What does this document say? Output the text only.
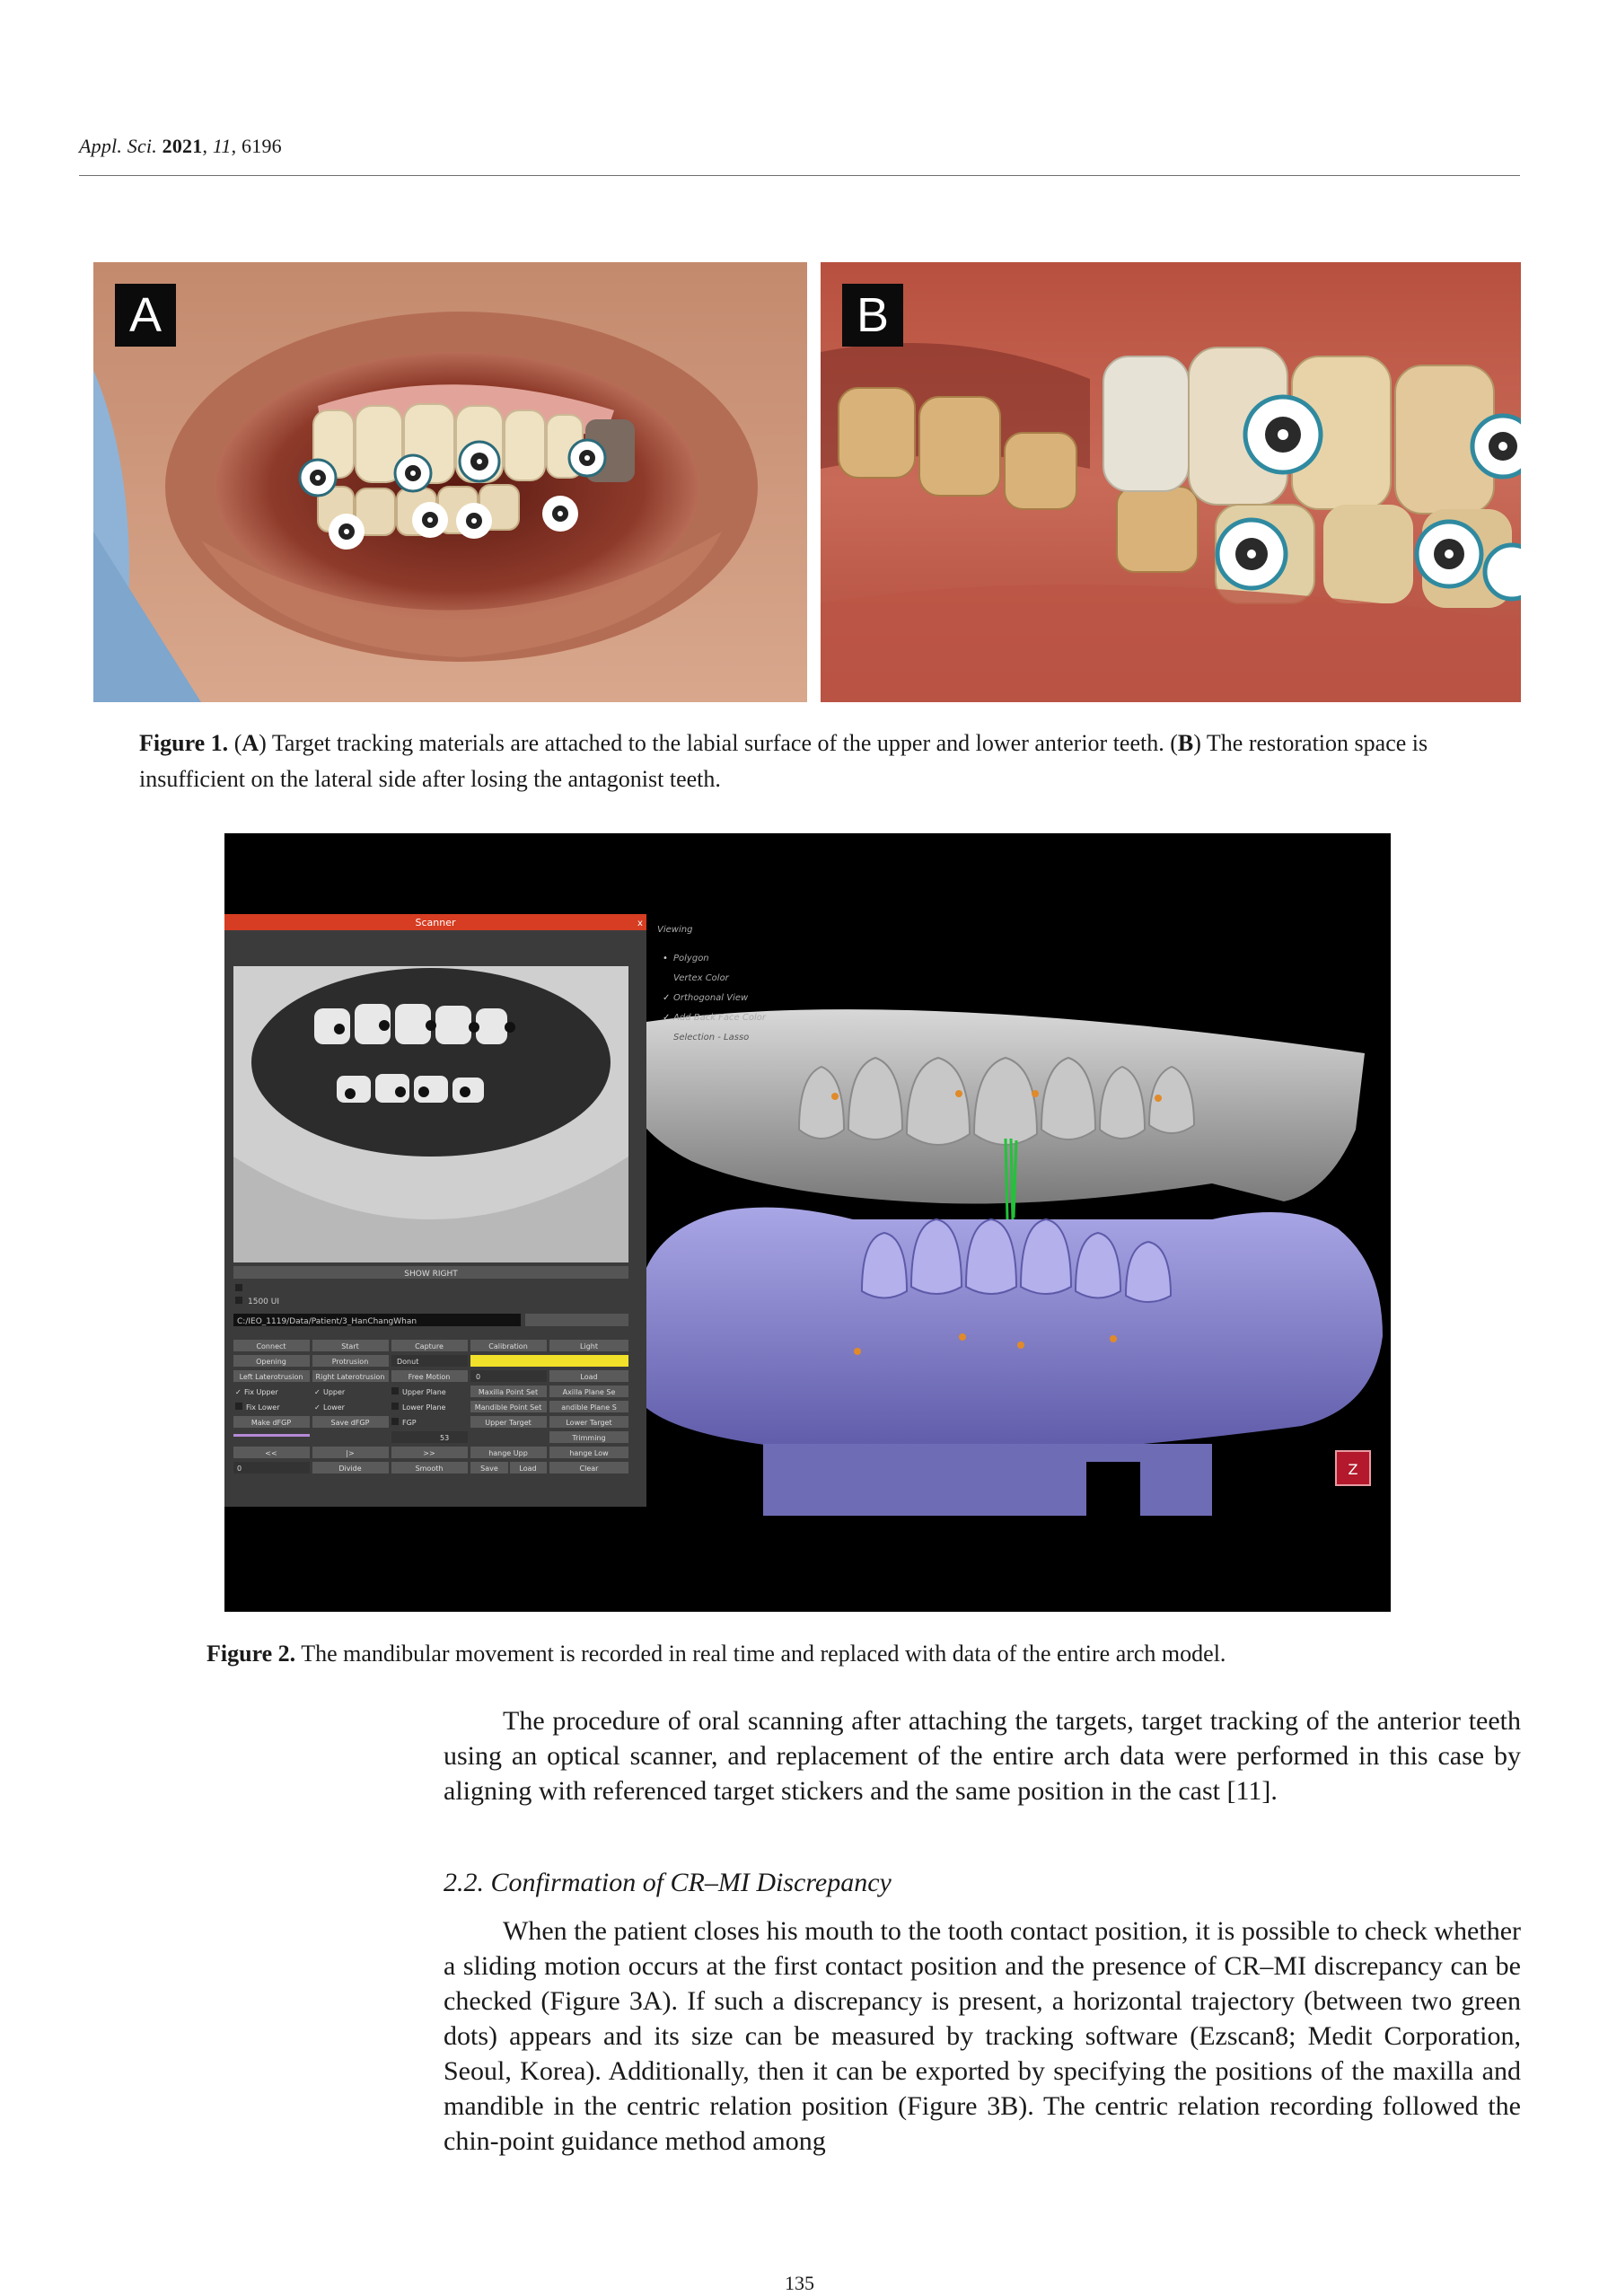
Appl. Sci. 2021, 11, 6196
A	B
Figure 1. (A) Target tracking materials are attached to the labial surface of the upper and lower anterior teeth. (B) The restoration space is insufficient on the lateral side after losing the antagonist teeth.
Z
Viewing
Polygon
Vertex Color
Orthogonal View
Add Back Face Color
Selection - Lasso
•
✓
✓
Scanner	x
SHOW RIGHT
1500 UI
C:/IEO_1119/Data/Patient/3_HanChangWhan
Connect	Start	Capture	Calibration	Light
Opening	Protrusion	Donut
Left Laterotrusion Right Laterotrusion	Free Motion	0	Load
✓ Fix Upper	✓ Upper	Upper Plane	Maxilla Point Set	Axilla Plane Se
Fix Lower	✓ Lower	Lower Plane	Mandible Point Set	andible Plane S
Make dFGP	Save dFGP	FGP	Upper Target	Lower Target
53	Trimming
<<	|>	>>	hange Upp	hange Low
0	Divide	Smooth	Save	Load	Clear
Figure 2. The mandibular movement is recorded in real time and replaced with data of the entire arch model.
The procedure of oral scanning after attaching the targets, target tracking of the anterior teeth using an optical scanner, and replacement of the entire arch data were performed in this case by aligning with referenced target stickers and the same position in the cast [11].
2.2. Confirmation of CR–MI Discrepancy
When the patient closes his mouth to the tooth contact position, it is possible to check whether a sliding motion occurs at the first contact position and the presence of CR–MI discrepancy can be checked (Figure 3A). If such a discrepancy is present, a horizontal trajectory (between two green dots) appears and its size can be measured by tracking software (Ezscan8; Medit Corporation, Seoul, Korea). Additionally, then it can be exported by specifying the positions of the maxilla and mandible in the centric relation position (Figure 3B). The centric relation recording followed the chin-point guidance method among
135
